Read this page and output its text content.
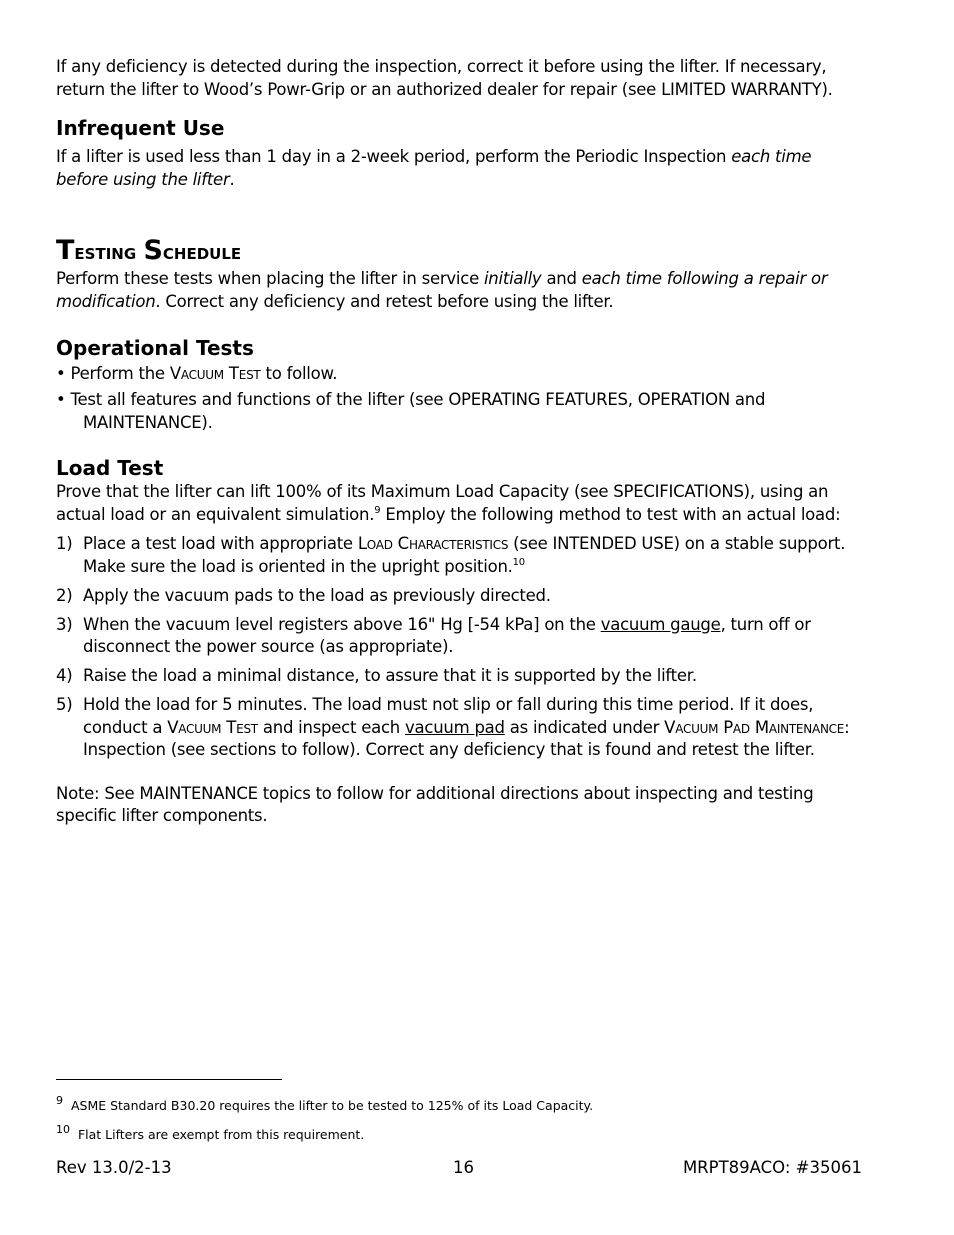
If any deficiency is detected during the inspection, correct it before using the lifter. If necessary, return the lifter to Wood’s Powr-Grip or an authorized dealer for repair (see LIMITED WARRANTY).

Infrequent Use

If a lifter is used less than 1 day in a 2-week period, perform the Periodic Inspection each time before using the lifter.

Testing Schedule

Perform these tests when placing the lifter in service initially and each time following a repair or modification. Correct any deficiency and retest before using the lifter.

Operational Tests

• Perform the Vacuum Test to follow.

• Test all features and functions of the lifter (see OPERATING FEATURES, OPERATION and MAINTENANCE).

Load Test

Prove that the lifter can lift 100% of its Maximum Load Capacity (see SPECIFICATIONS), using an actual load or an equivalent simulation.$^9$ Employ the following method to test with an actual load:

1) Place a test load with appropriate Load Characteristics (see INTENDED USE) on a stable support. Make sure the load is oriented in the upright position.$^{10}$
2) Apply the vacuum pads to the load as previously directed.
3) When the vacuum level registers above 16" Hg [-54 kPa] on the vacuum gauge, turn off or disconnect the power source (as appropriate).
4) Raise the load a minimal distance, to assure that it is supported by the lifter.
5) Hold the load for 5 minutes. The load must not slip or fall during this time period. If it does, conduct a Vacuum Test and inspect each vacuum pad as indicated under Vacuum Pad Maintenance: Inspection (see sections to follow). Correct any deficiency that is found and retest the lifter.

Note: See MAINTENANCE topics to follow for additional directions about inspecting and testing specific lifter components.

$^9$ ASME Standard B30.20 requires the lifter to be tested to 125% of its Load Capacity.
$^{10}$ Flat Lifters are exempt from this requirement.
Rev 13.0/2-13	16	MRPT89ACO: #35061
